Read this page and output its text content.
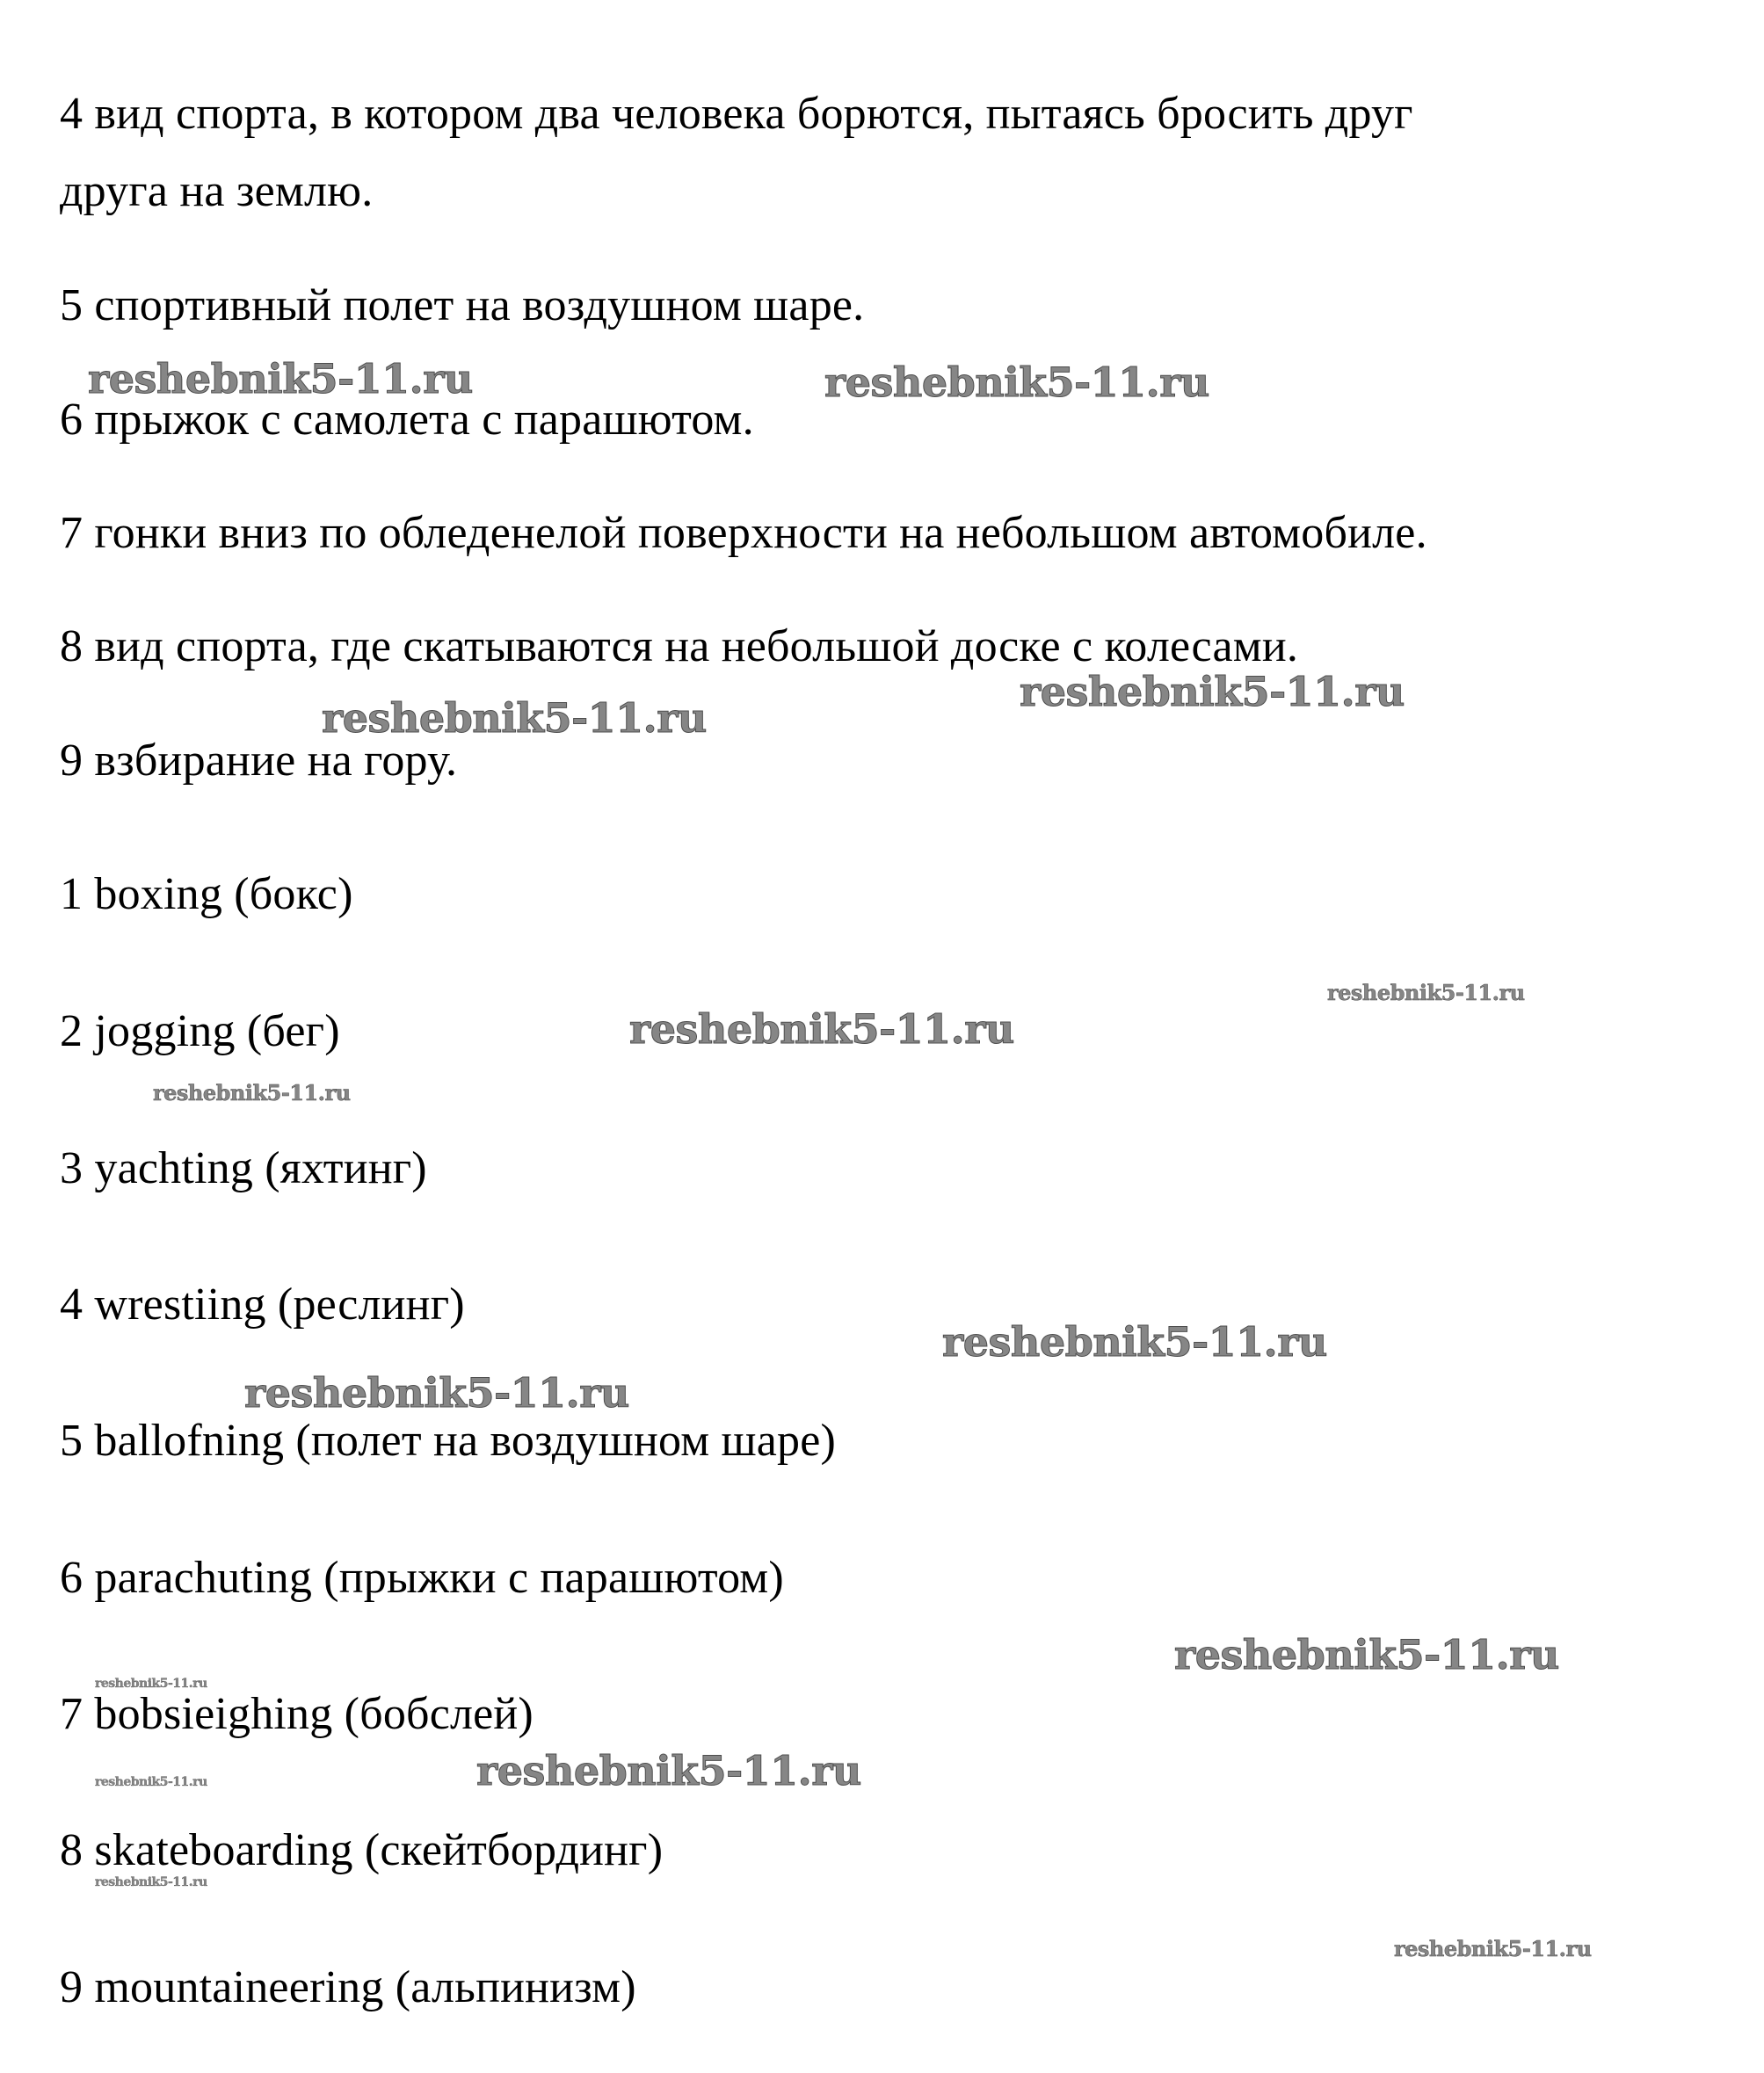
4 вид спорта, в котором два человека борются, пытаясь бросить друг
друга на землю.
5 спортивный полет на воздушном шаре.
6 прыжок с самолета с парашютом.
7 гонки вниз по обледенелой поверхности на небольшом автомобиле.
8 вид спорта, где скатываются на небольшой доске с колесами.
9 взбирание на гору.
1 boxing (бокс)
2 jogging (бег)
3 yachting (яхтинг)
4 wrestiing (реслинг)
5 ballofning (полет на воздушном шаре)
6 parachuting (прыжки с парашютом)
7 bobsieighing (бобслей)
8 skateboarding (скейтбординг)
9 mountaineering (альпинизм)
reshebnik5-11.ru	reshebnik5-11.ru
reshebnik5-11.ru
reshebnik5-11.ru
reshebnik5-11.ru
reshebnik5-11.ru
reshebnik5-11.ru
reshebnik5-11.ru
reshebnik5-11.ru
reshebnik5-11.ru
reshebnik5-11.ru
reshebnik5-11.ru
reshebnik5-11.ru
reshebnik5-11.ru
reshebnik5-11.ru
